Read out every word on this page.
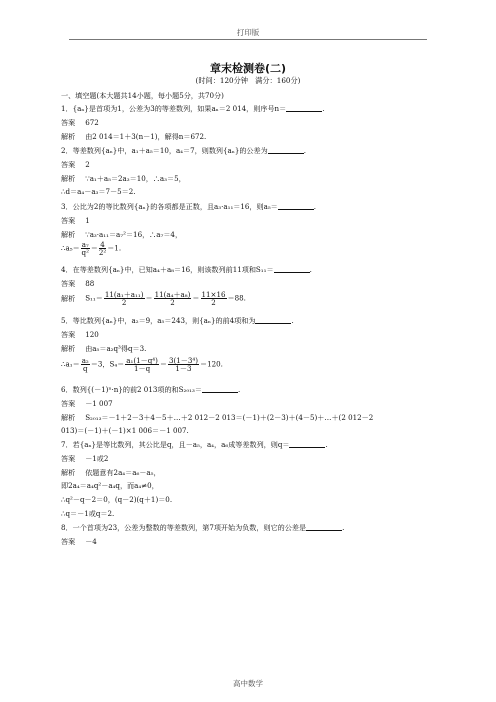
打印版
章末检测卷(二)
(时间：120分钟　满分：160分)
一、填空题(本大题共14小题，每小题5分，共70分)
1．{aₙ}是首项为1，公差为3的等差数列，如果aₙ＝2 014，则序号n＝	.
答案 672
解析 由2 014＝1＋3(n－1)，解得n＝672.
2．等差数列{aₙ}中，a₁＋a₅＝10，a₄＝7，则数列{aₙ}的公差为	.
答案 2
解析 ∵a₁＋a₅＝2a₃＝10，∴a₃＝5，
∴d＝a₄－a₃＝7－5＝2.
3．公比为2的等比数列{aₙ}的各项都是正数，且a₃·a₁₁＝16，则a₅＝	.
答案 1
解析 ∵a₃·a₁₁＝a₇²＝16，∴a₇＝4，
∴a₅＝ $\frac{\text{a₇}}{\text{q²}} = \frac{4}{\text{2²}} =1$.
4．在等差数列{aₙ}中，已知a₄＋a₈＝16，则该数列前11项和S₁₁＝	.
答案 88
解析 $S_{11}= \frac{\text{11(a₁＋a₁₁)}}{2} = \frac{\text{11(a₄＋a₈)}}{2} = \frac{11\times 16}{2} =88$.
5．等比数列{aₙ}中，a₂＝9，a₅＝243，则{aₙ}的前4项和为	.
答案 120
解析 由a₅＝a₂q³得q＝3.
∴a₁＝ $\frac{\text{a₂}}{q} =3$，$S_4= \frac{\text{a₁(1－q⁴)}}{1-q} = \frac{\text{3(1－3⁴)}}{1-3} =120$.
6．数列{(－1)ⁿ·n}的前2 013项的和S₂₀₁₃＝	.
答案 －1 007
解析 S₂₀₁₃＝－1＋2－3＋4－5＋…＋2 012－2 013＝(－1)＋(2－3)＋(4－5)＋…＋(2 012－2
013)＝(－1)＋(－1)×1 006＝－1 007.
7．若{aₙ}是等比数列，其公比是q，且－a₅，a₄，a₆成等差数列，则q＝	.
答案 －1或2
解析 依题意有2a₄＝a₆－a₅，
即2a₄＝a₄q²－a₄q，而a₄≠0，
∴q²－q－2＝0，(q－2)(q＋1)＝0.
∴q＝－1或q＝2.
8．一个首项为23，公差为整数的等差数列，第7项开始为负数，则它的公差是	.
答案 －4
高中数学
